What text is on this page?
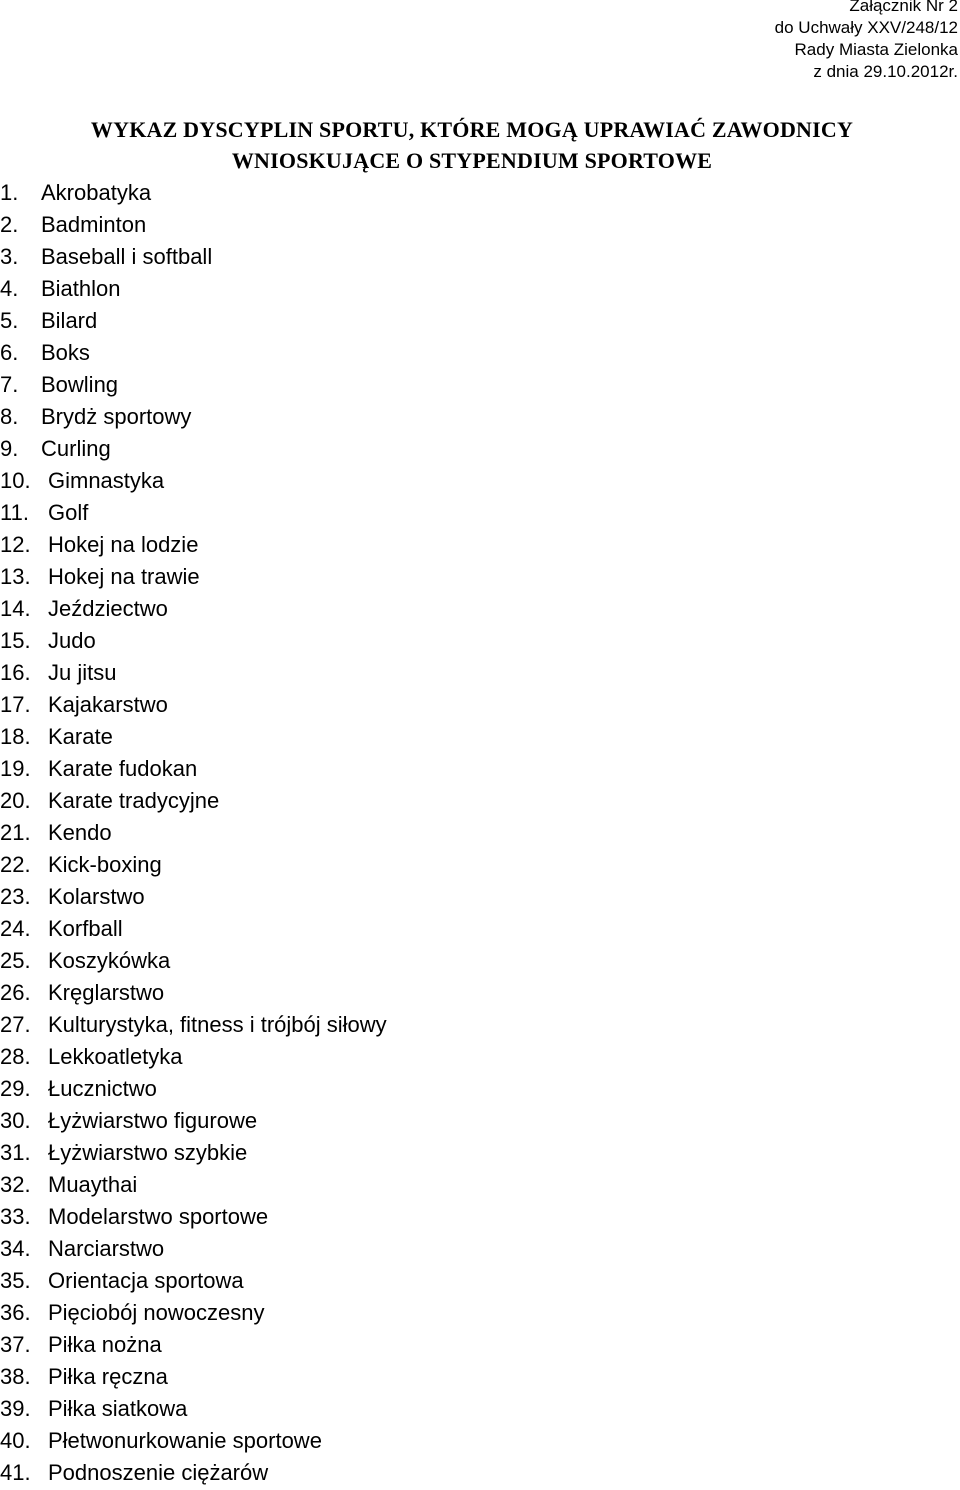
Załącznik Nr 2
do Uchwały XXV/248/12
Rady Miasta Zielonka
z dnia 29.10.2012r.
WYKAZ DYSCYPLIN SPORTU, KTÓRE MOGĄ UPRAWIAĆ ZAWODNICY
WNIOSKUJĄCE O STYPENDIUM SPORTOWE
1. Akrobatyka
2. Badminton
3. Baseball i softball
4. Biathlon
5. Bilard
6. Boks
7. Bowling
8. Brydż sportowy
9. Curling
10. Gimnastyka
11. Golf
12. Hokej na lodzie
13. Hokej na trawie
14. Jeździectwo
15. Judo
16. Ju jitsu
17. Kajakarstwo
18. Karate
19. Karate fudokan
20. Karate tradycyjne
21. Kendo
22. Kick-boxing
23. Kolarstwo
24. Korfball
25. Koszykówka
26. Kręglarstwo
27. Kulturystyka, fitness i trójbój siłowy
28. Lekkoatletyka
29. Łucznictwo
30. Łyżwiarstwo figurowe
31. Łyżwiarstwo szybkie
32. Muaythai
33. Modelarstwo sportowe
34. Narciarstwo
35. Orientacja sportowa
36. Pięciobój nowoczesny
37. Piłka nożna
38. Piłka ręczna
39. Piłka siatkowa
40. Płetwonurkowanie sportowe
41. Podnoszenie ciężarów
